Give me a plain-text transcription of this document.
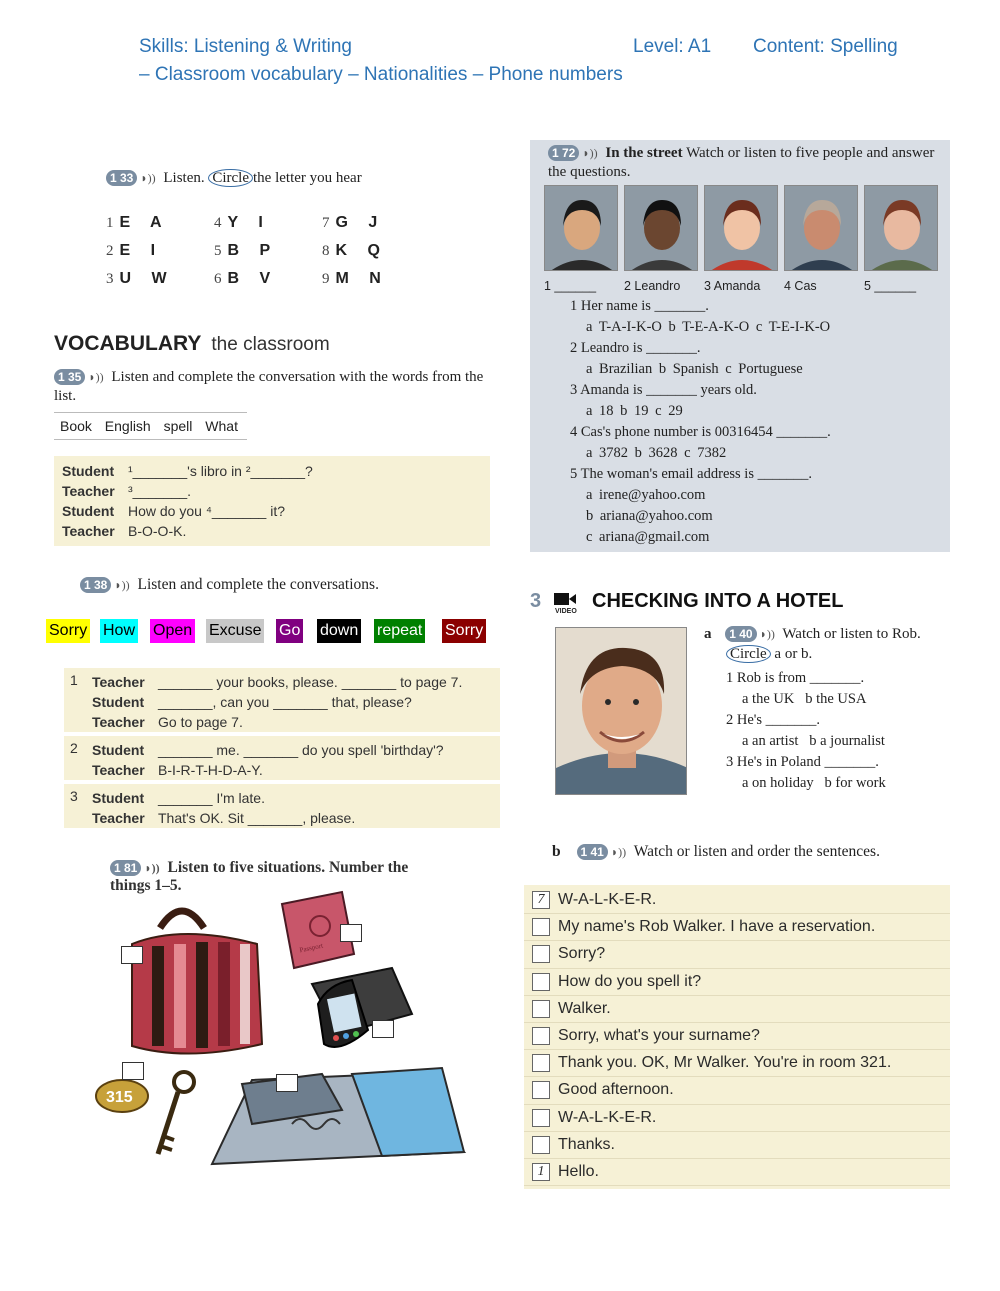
Skills: Listening & Writing	Level: A1 Content: Spelling
– Classroom vocabulary – Nationalities – Phone numbers
1 33 ◗)) Listen. Circle the letter you hear
1 E A	4 Y I	7 G J
2 E I	5 B P	8 K Q
3 U W	6 B V	9 M N
VOCABULARY the classroom
1 35 ◗)) Listen and complete the conversation with the words from the list.
Book English spell What
Student ¹_______'s libro in ²_______?
Teacher ³_______.
Student How do you ⁴_______ it?
Teacher B-O-O-K.
1 38 ◗)) Listen and complete the conversations.
Sorry How Open Excuse Go down repeat Sorry
1 Teacher _______ your books, please. _______ to page 7.
Student _______, can you _______ that, please?
Teacher Go to page 7.
2 Student _______ me. _______ do you spell 'birthday'?
Teacher B-I-R-T-H-D-A-Y.
3 Student _______ I'm late.
Teacher That's OK. Sit _______, please.
1 81 ◗)) Listen to five situations. Number the things 1–5.
Passport
315
1 72 ◗)) In the street Watch or listen to five people and answer the questions.
1 ______	2 Leandro	3 Amanda	4 Cas	5 ______
1 Her name is _______.
a T-A-I-K-O b T-E-A-K-O c T-E-I-K-O
2 Leandro is _______.
a Brazilian b Spanish c Portuguese
3 Amanda is _______ years old.
a 18 b 19 c 29
4 Cas's phone number is 00316454 _______.
a 3782 b 3628 c 7382
5 The woman's email address is _______.
a irene@yahoo.com
b ariana@yahoo.com
c ariana@gmail.com
3 VIDEO CHECKING INTO A HOTEL
a 1 40 ◗)) Watch or listen to Rob.
Circle a or b.
1 Rob is from _______.
a the UK   b the USA
2 He's _______.
a an artist   b a journalist
3 He's in Poland _______.
a on holiday   b for work
b 1 41 ◗)) Watch or listen and order the sentences.
7 W-A-L-K-E-R.
My name's Rob Walker. I have a reservation.
Sorry?
How do you spell it?
Walker.
Sorry, what's your surname?
Thank you. OK, Mr Walker. You're in room 321.
Good afternoon.
W-A-L-K-E-R.
Thanks.
1 Hello.
